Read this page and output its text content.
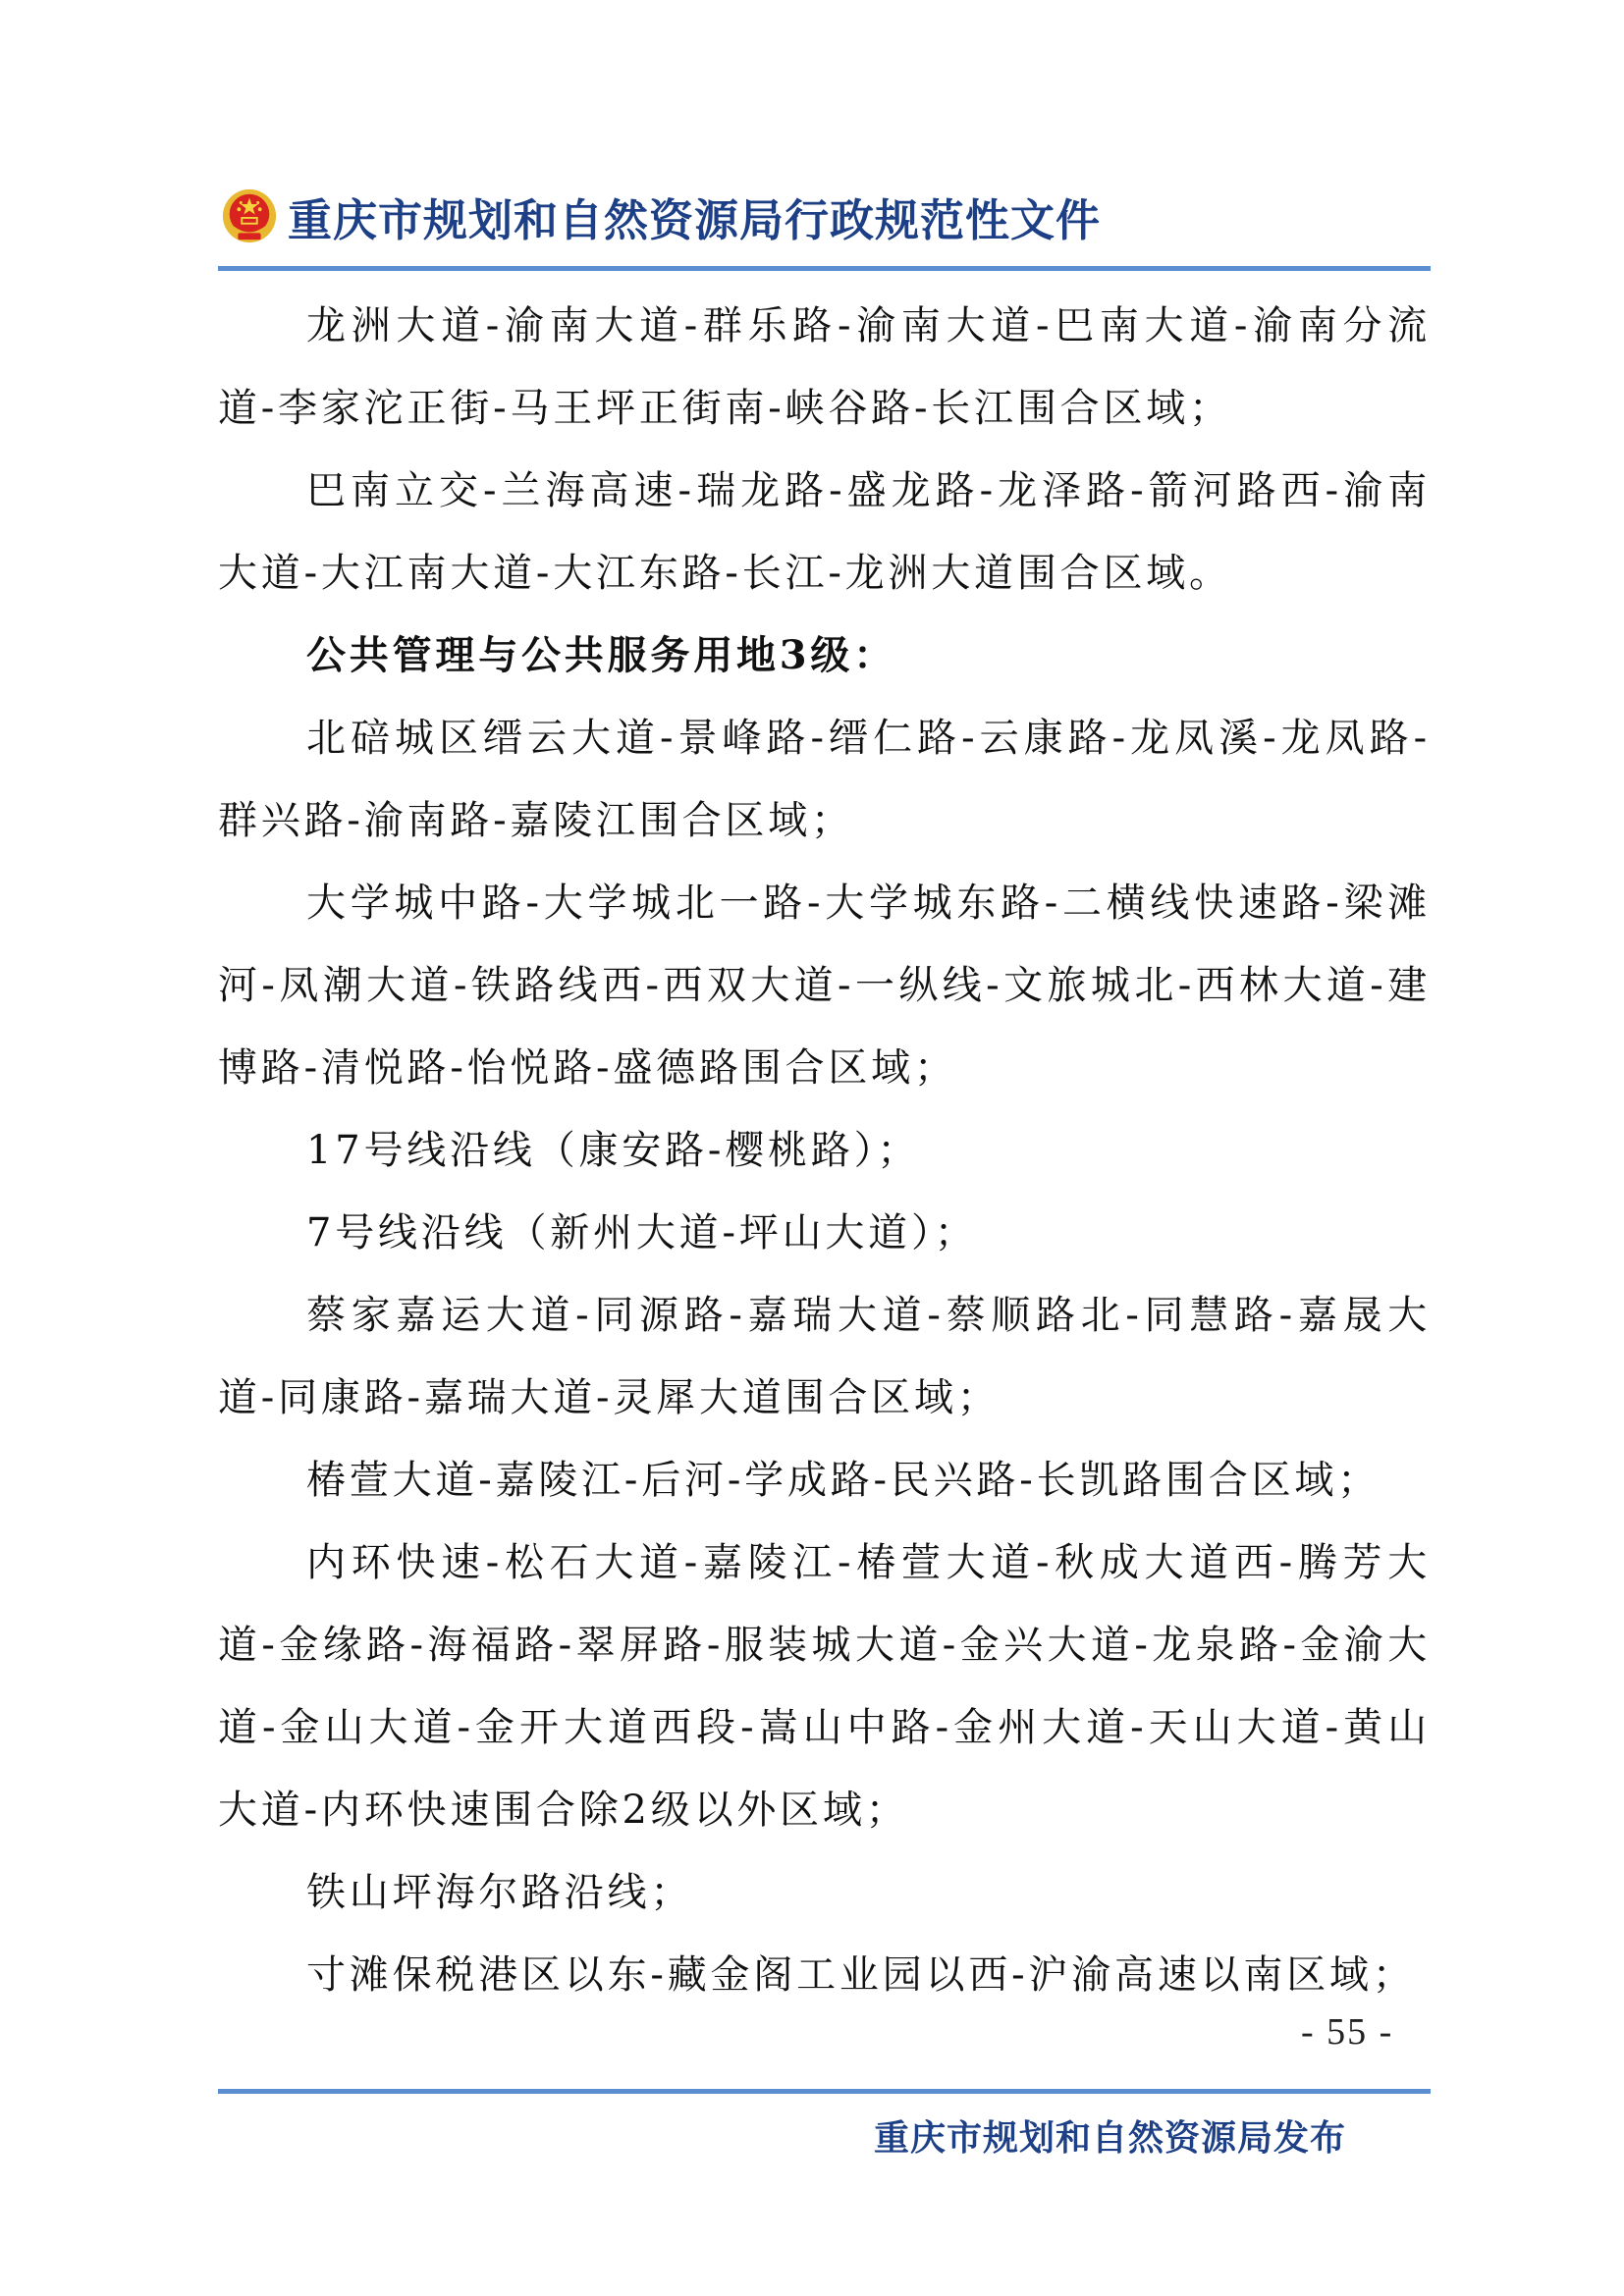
重庆市规划和自然资源局行政规范性文件

龙洲大道-渝南大道-群乐路-渝南大道-巴南大道-渝南分流道-李家沱正街-马王坪正街南-峡谷路-长江围合区域；

巴南立交-兰海高速-瑞龙路-盛龙路-龙泽路-箭河路西-渝南大道-大江南大道-大江东路-长江-龙洲大道围合区域。

公共管理与公共服务用地3级：

北碚城区缙云大道-景峰路-缙仁路-云康路-龙凤溪-龙凤路-群兴路-渝南路-嘉陵江围合区域；

大学城中路-大学城北一路-大学城东路-二横线快速路-梁滩河-凤潮大道-铁路线西-西双大道-一纵线-文旅城北-西林大道-建博路-清悦路-怡悦路-盛德路围合区域；

17号线沿线（康安路-樱桃路）；

7号线沿线（新州大道-坪山大道）；

蔡家嘉运大道-同源路-嘉瑞大道-蔡顺路北-同慧路-嘉晟大道-同康路-嘉瑞大道-灵犀大道围合区域；

椿萱大道-嘉陵江-后河-学成路-民兴路-长凯路围合区域；

内环快速-松石大道-嘉陵江-椿萱大道-秋成大道西-腾芳大道-金缘路-海福路-翠屏路-服装城大道-金兴大道-龙泉路-金渝大道-金山大道-金开大道西段-嵩山中路-金州大道-天山大道-黄山大道-内环快速围合除2级以外区域；

铁山坪海尔路沿线；

寸滩保税港区以东-藏金阁工业园以西-沪渝高速以南区域；

- 55 -
重庆市规划和自然资源局发布
